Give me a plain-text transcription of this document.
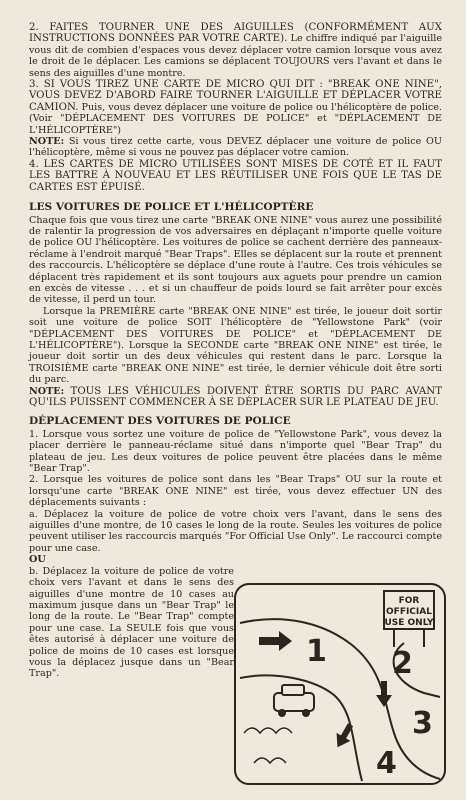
2. FAITES TOURNER UNE DES AIGUILLES (CONFORMÉMENT AUX INSTRUCTIONS DONNÉES PAR VOTRE CARTE). Le chiffre indiqué par l'aiguille vous dit de combien d'espaces vous devez déplacer votre camion lorsque vous avez le droit de le déplacer. Les camions se déplacent TOUJOURS vers l'avant et dans le sens des aiguilles d'une montre.

3. SI VOUS TIREZ UNE CARTE DE MICRO QUI DIT : "BREAK ONE NINE", VOUS DEVEZ D'ABORD FAIRE TOURNER L'AIGUILLE ET DÉPLACER VOTRE CAMION. Puis, vous devez déplacer une voiture de police ou l'hélicoptère de police. (Voir "DÉPLACEMENT DES VOITURES DE POLICE" et "DÉPLACEMENT DE L'HÉLICOPTÈRE")

NOTE: Si vous tirez cette carte, vous DEVEZ déplacer une voiture de police OU l'hélicoptère, même si vous ne pouvez pas déplacer votre camion.

4. LES CARTES DE MICRO UTILISÉES SONT MISES DE COTÉ ET IL FAUT LES BATTRE À NOUVEAU ET LES RÉUTILISER UNE FOIS QUE LE TAS DE CARTES EST ÉPUISÉ.

LES VOITURES DE POLICE ET L'HÉLICOPTÈRE

Chaque fois que vous tirez une carte "BREAK ONE NINE" vous aurez une possibilité de ralentir la progression de vos adversaires en déplaçant n'importe quelle voiture de police OU l'hélicoptère. Les voitures de police se cachent derrière des panneaux-réclame à l'endroit marqué "Bear Traps". Elles se déplacent sur la route et prennent des raccourcis. L'hélicoptère se déplace d'une route à l'autre. Ces trois véhicules se déplacent très rapidement et ils sont toujours aux aguets pour prendre un camion en excès de vitesse . . . et si un chauffeur de poids lourd se fait arrêter pour excès de vitesse, il perd un tour.

Lorsque la PREMIÈRE carte "BREAK ONE NINE" est tirée, le joueur doit sortir soit une voiture de police SOIT l'hélicoptère de "Yellowstone Park" (voir "DÉPLACEMENT DES VOITURES DE POLICE" et "DÉPLACEMENT DE L'HÉLICOPTÈRE"). Lorsque la SECONDE carte "BREAK ONE NINE" est tirée, le joueur doit sortir un des deux véhicules qui restent dans le parc. Lorsque la TROISIÈME carte "BREAK ONE NINE" est tirée, le dernier véhicule doit être sorti du parc.

NOTE: TOUS LES VÉHICULES DOIVENT ÊTRE SORTIS DU PARC AVANT QU'ILS PUISSENT COMMENCER À SE DÉPLACER SUR LE PLATEAU DE JEU.

DÉPLACEMENT DES VOITURES DE POLICE

1. Lorsque vous sortez une voiture de police de "Yellowstone Park", vous devez la placer derrière le panneau-réclame situé dans n'importe quel "Bear Trap" du plateau de jeu. Les deux voitures de police peuvent être placées dans le même "Bear Trap".

2. Lorsque les voitures de police sont dans les "Bear Traps" OU sur la route et lorsqu'une carte "BREAK ONE NINE" est tirée, vous devez effectuer UN des déplacements suivants :

a. Déplacez la voiture de police de votre choix vers l'avant, dans le sens des aiguilles d'une montre, de 10 cases le long de la route. Seules les voitures de police peuvent utiliser les raccourcis marqués "For Official Use Only". Le raccourci compte pour une case.

OU

b. Déplacez la voiture de police de votre choix vers l'avant et dans le sens des aiguilles d'une montre de 10 cases au maximum jusque dans un "Bear Trap" le long de la route. Le "Bear Trap" compte pour une case. La SEULE fois que vous êtes autorisé à déplacer une voiture de police de moins de 10 cases est lorsque vous la déplacez jusque dans un "Bear Trap".

FOR
OFFICIAL
USE ONLY
1 2
3
4
